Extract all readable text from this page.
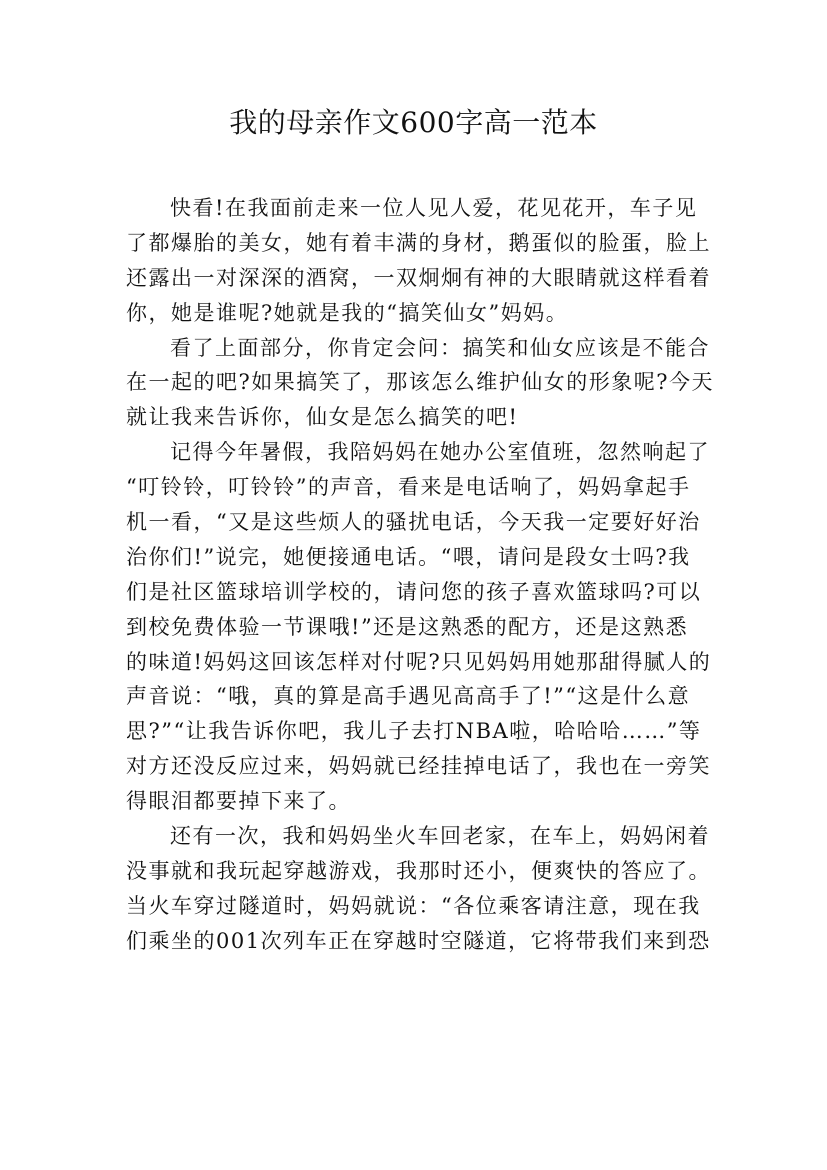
我的母亲作文600字高一范本
快看!在我面前走来一位人见人爱，花见花开，车子见
了都爆胎的美女，她有着丰满的身材，鹅蛋似的脸蛋，脸上
还露出一对深深的酒窝，一双炯炯有神的大眼睛就这样看着
你，她是谁呢?她就是我的“搞笑仙女”妈妈。
看了上面部分，你肯定会问：搞笑和仙女应该是不能合
在一起的吧?如果搞笑了，那该怎么维护仙女的形象呢?今天
就让我来告诉你，仙女是怎么搞笑的吧!
记得今年暑假，我陪妈妈在她办公室值班，忽然响起了
“叮铃铃，叮铃铃”的声音，看来是电话响了，妈妈拿起手
机一看，“又是这些烦人的骚扰电话，今天我一定要好好治
治你们!”说完，她便接通电话。“喂，请问是段女士吗?我
们是社区篮球培训学校的，请问您的孩子喜欢篮球吗?可以
到校免费体验一节课哦!”还是这熟悉的配方，还是这熟悉
的味道!妈妈这回该怎样对付呢?只见妈妈用她那甜得腻人的
声音说：“哦，真的算是高手遇见高高手了!”“这是什么意
思?”“让我告诉你吧，我儿子去打NBA啦，哈哈哈……”等
对方还没反应过来，妈妈就已经挂掉电话了，我也在一旁笑
得眼泪都要掉下来了。
还有一次，我和妈妈坐火车回老家，在车上，妈妈闲着
没事就和我玩起穿越游戏，我那时还小，便爽快的答应了。
当火车穿过隧道时，妈妈就说：“各位乘客请注意，现在我
们乘坐的001次列车正在穿越时空隧道，它将带我们来到恐
